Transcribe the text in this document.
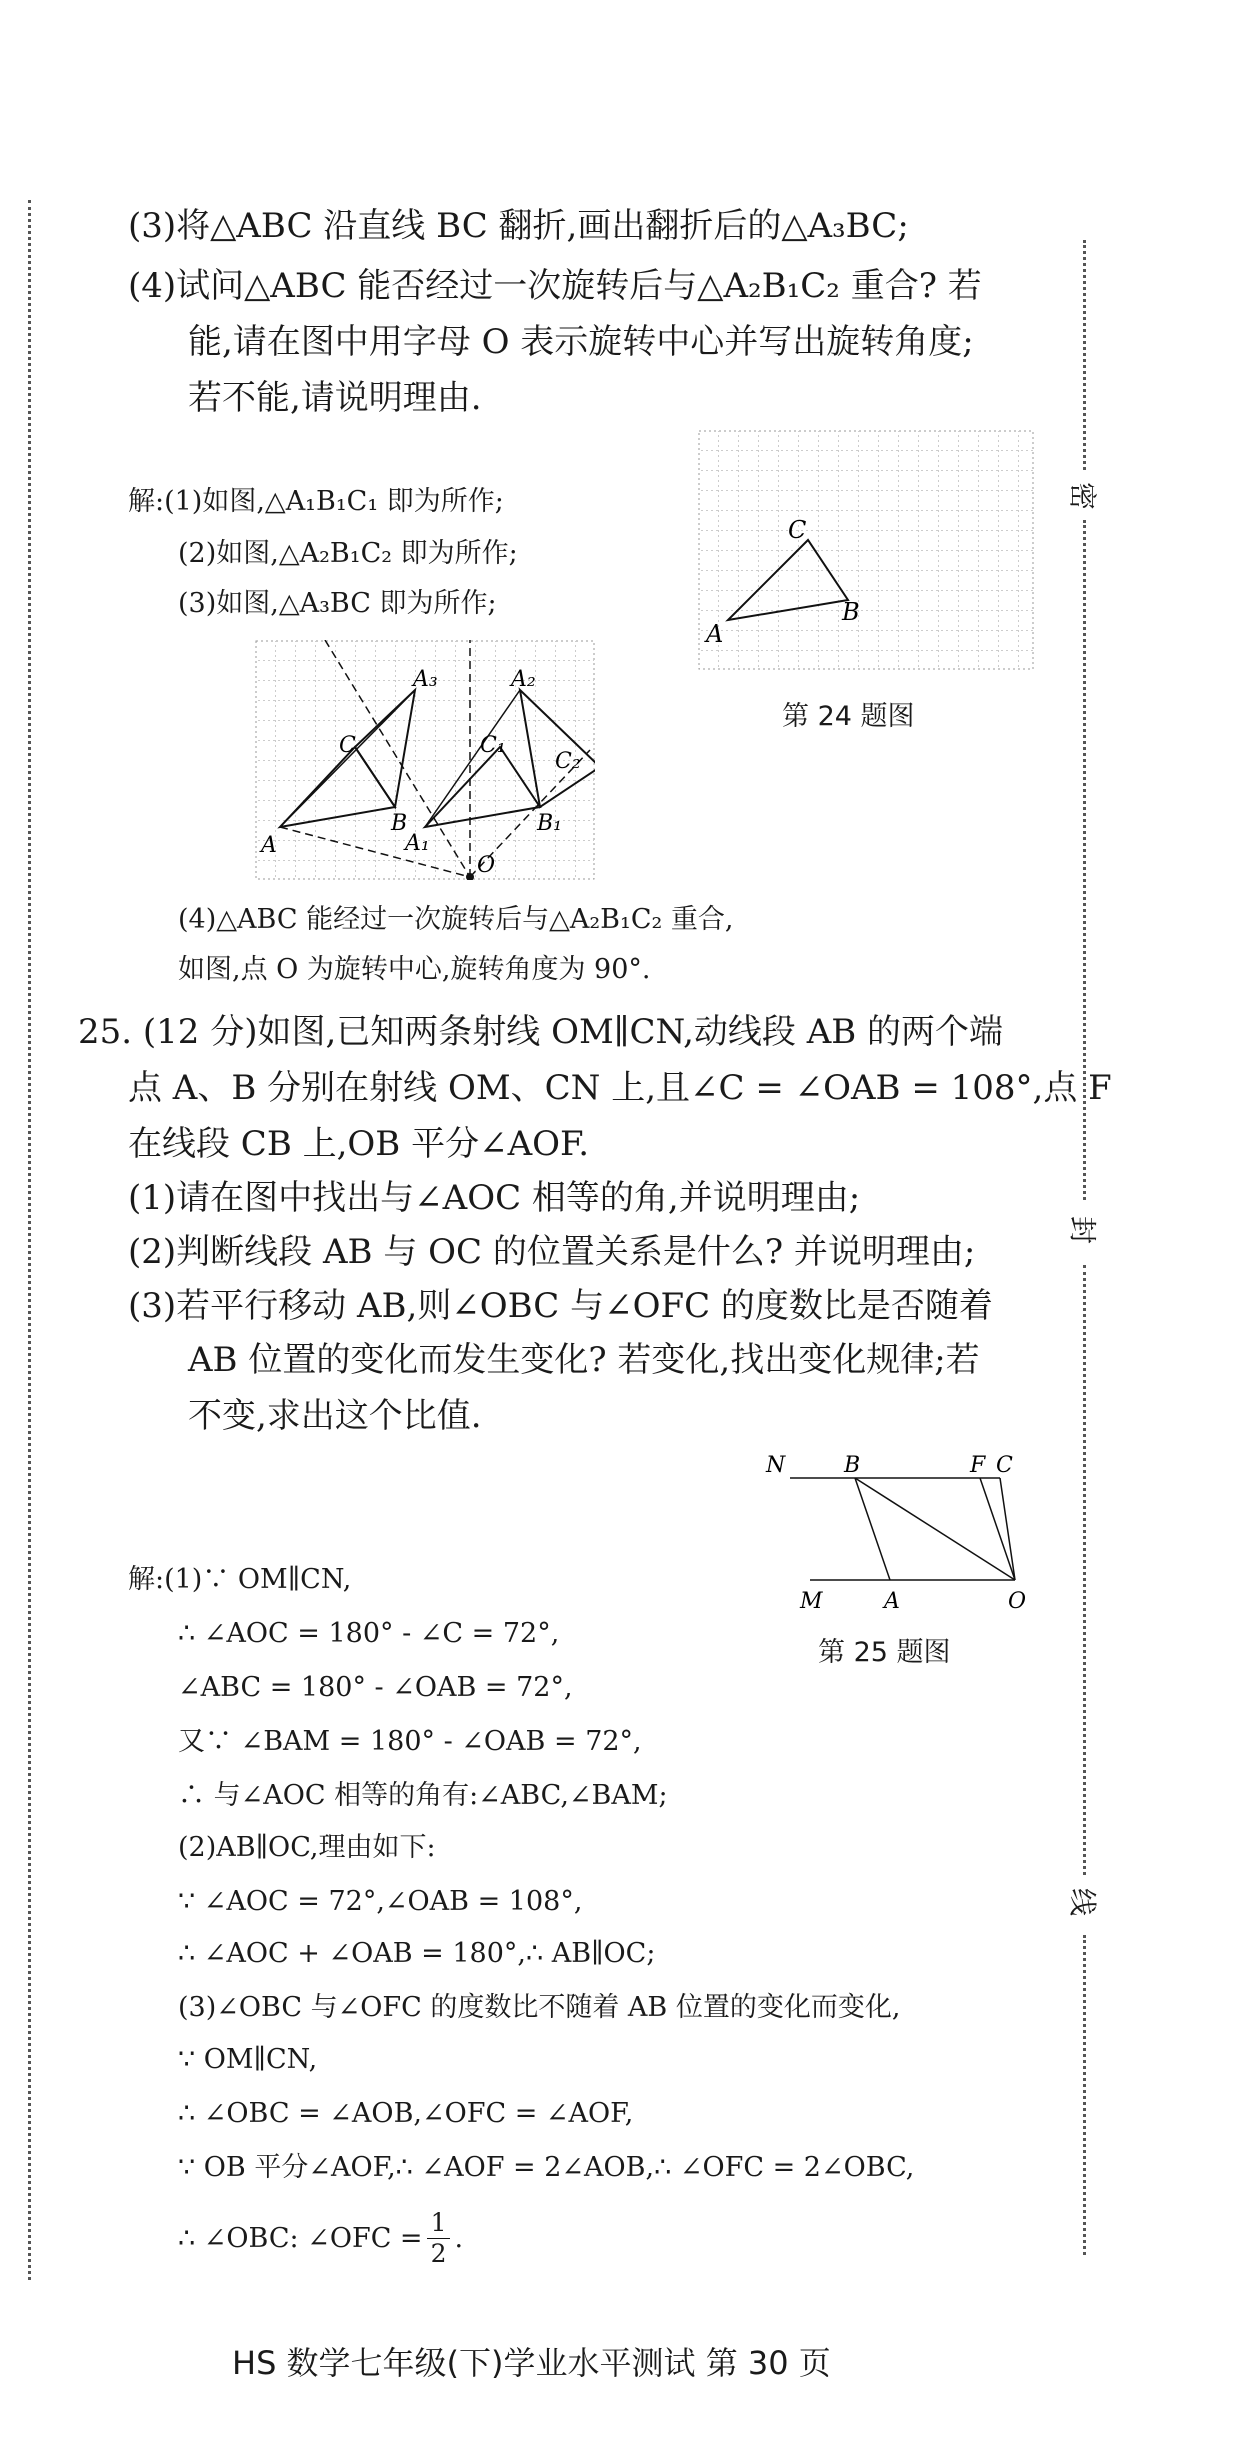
密
封
线
(3)将△ABC 沿直线 BC 翻折,画出翻折后的△A₃BC;
(4)试问△ABC 能否经过一次旋转后与△A₂B₁C₂ 重合? 若
能,请在图中用字母 O 表示旋转中心并写出旋转角度;
若不能,请说明理由.
A
B
C
第 24 题图
解:(1)如图,△A₁B₁C₁ 即为所作;
(2)如图,△A₂B₁C₂ 即为所作;
(3)如图,△A₃BC 即为所作;
A
B
C
A₃
A₁
B₁
C₁
A₂
C₂
O
(4)△ABC 能经过一次旋转后与△A₂B₁C₂ 重合,
如图,点 O 为旋转中心,旋转角度为 90°.
25. (12 分)如图,已知两条射线 OM∥CN,动线段 AB 的两个端
点 A、B 分别在射线 OM、CN 上,且∠C = ∠OAB = 108°,点 F
在线段 CB 上,OB 平分∠AOF.
(1)请在图中找出与∠AOC 相等的角,并说明理由;
(2)判断线段 AB 与 OC 的位置关系是什么? 并说明理由;
(3)若平行移动 AB,则∠OBC 与∠OFC 的度数比是否随着
AB 位置的变化而发生变化? 若变化,找出变化规律;若
不变,求出这个比值.
N	B	F C
M	A	O
第 25 题图
解:(1)∵ OM∥CN,
∴ ∠AOC = 180° - ∠C = 72°,
∠ABC = 180° - ∠OAB = 72°,
又∵ ∠BAM = 180° - ∠OAB = 72°,
∴ 与∠AOC 相等的角有:∠ABC,∠BAM;
(2)AB∥OC,理由如下:
∵ ∠AOC = 72°,∠OAB = 108°,
∴ ∠AOC + ∠OAB = 180°,∴ AB∥OC;
(3)∠OBC 与∠OFC 的度数比不随着 AB 位置的变化而变化,
∵ OM∥CN,
∴ ∠OBC = ∠AOB,∠OFC = ∠AOF,
∵ OB 平分∠AOF,∴ ∠AOF = 2∠AOB,∴ ∠OFC = 2∠OBC,
∴ ∠OBC: ∠OFC = $\frac{1}{2}$ .
HS 数学七年级(下)学业水平测试 第 30 页
